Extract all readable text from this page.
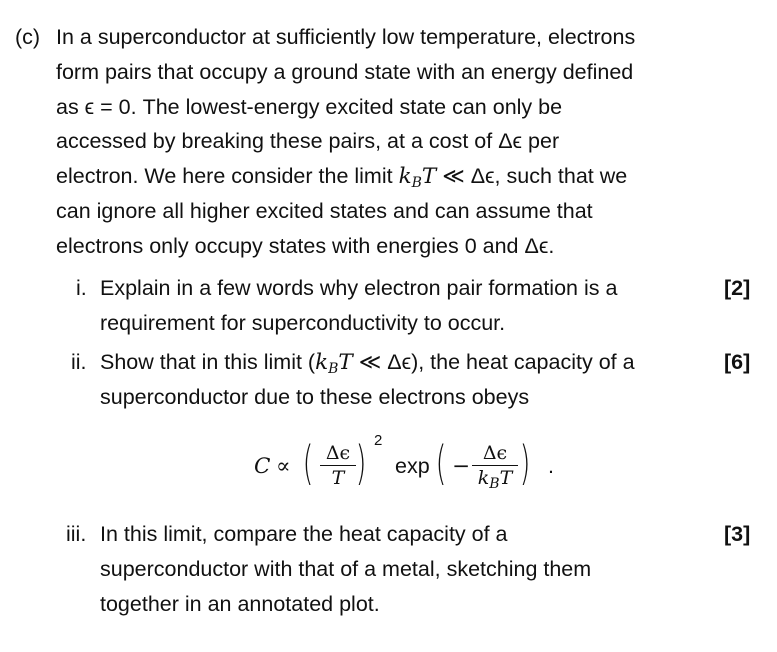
(c) In a superconductor at sufficiently low temperature, electrons
form pairs that occupy a ground state with an energy defined
as ϵ = 0. The lowest-energy excited state can only be
accessed by breaking these pairs, at a cost of Δϵ per
electron. We here consider the limit $k_BT$ ≪ Δϵ, such that we
can ignore all higher excited states and can assume that
electrons only occupy states with energies 0 and Δϵ.
i. Explain in a few words why electron pair formation is a
requirement for superconductivity to occur.
[2]
ii. Show that in this limit ($k_BT$ ≪ Δϵ), the heat capacity of a
superconductor due to these electrons obeys
[6]
C ∝ ( Δϵ
T ) 2
exp ( −
Δϵ
$k_BT$ ) .
iii. In this limit, compare the heat capacity of a
superconductor with that of a metal, sketching them
together in an annotated plot.
[3]
